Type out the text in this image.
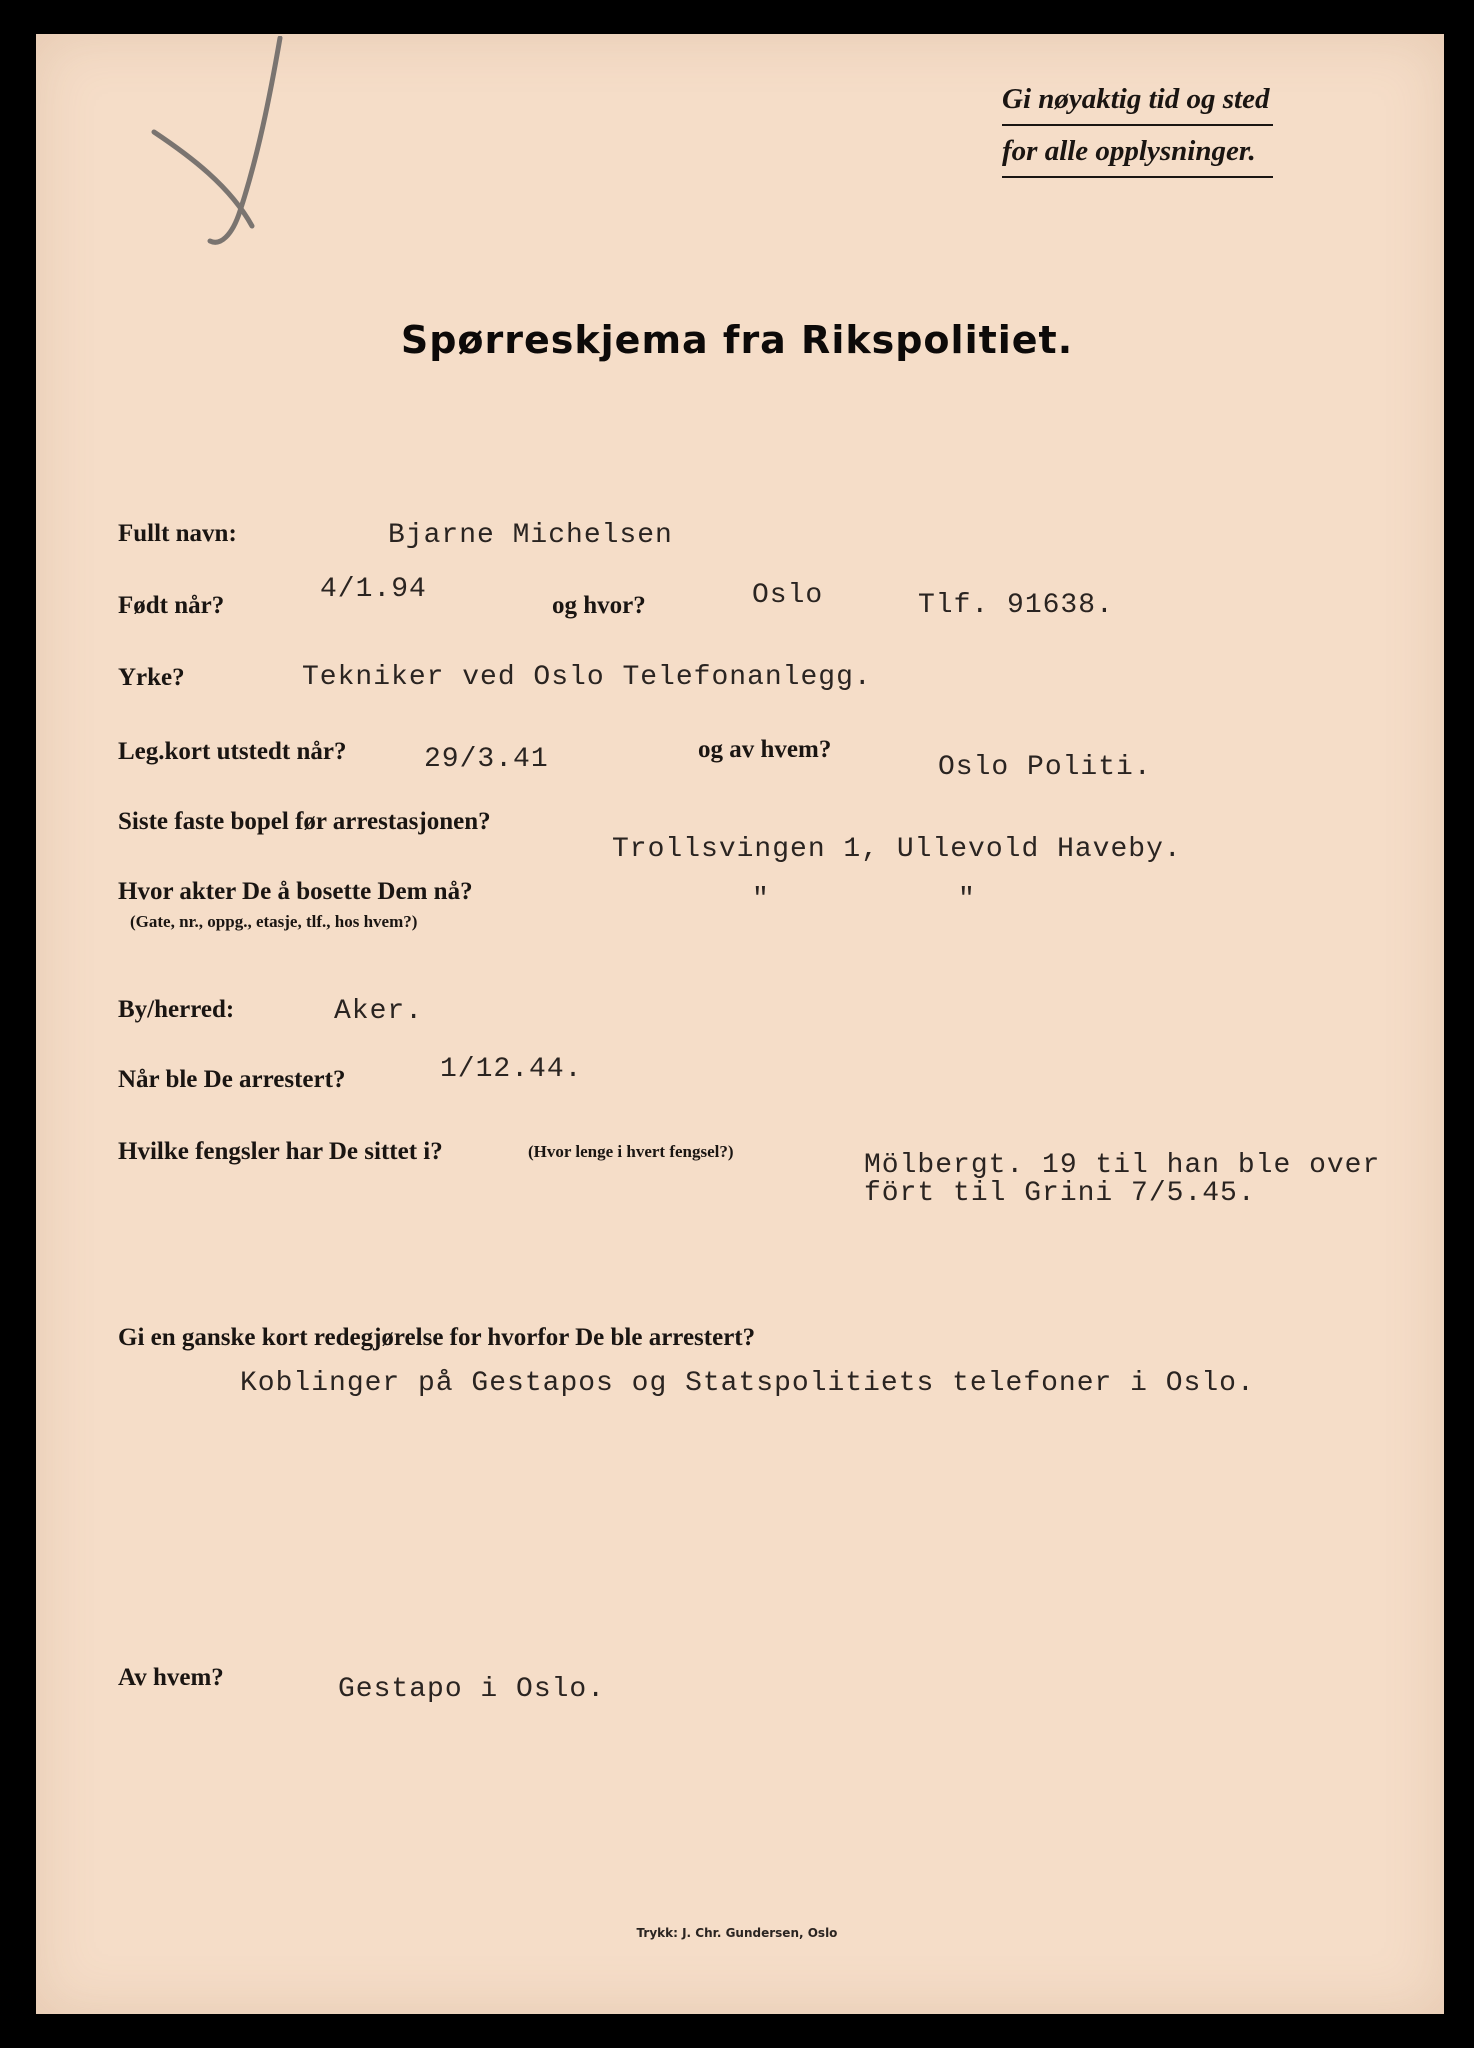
Gi nøyaktig tid og sted
for alle opplysninger.
Spørreskjema fra Rikspolitiet.
Fullt navn:	Bjarne Michelsen
Født når?
4/1.94
og hvor?	Oslo	Tlf. 91638.
Yrke?	Tekniker ved Oslo Telefonanlegg.
Leg.kort utstedt når?	29/3.41	og av hvem?
Oslo Politi.
Siste faste bopel før arrestasjonen?
Trollsvingen 1, Ullevold Haveby.
Hvor akter De å bosette Dem nå?
(Gate, nr., oppg., etasje, tlf., hos hvem?)
"	"
By/herred:	Aker.
Når ble De arrestert?	1/12.44.
Hvilke fengsler har De sittet i?	(Hvor lenge i hvert fengsel?)	Mölbergt. 19 til han ble over
fört til Grini 7/5.45.
Gi en ganske kort redegjørelse for hvorfor De ble arrestert?
Koblinger på Gestapos og Statspolitiets telefoner i Oslo.
Av hvem?	Gestapo i Oslo.
Trykk: J. Chr. Gundersen, Oslo
